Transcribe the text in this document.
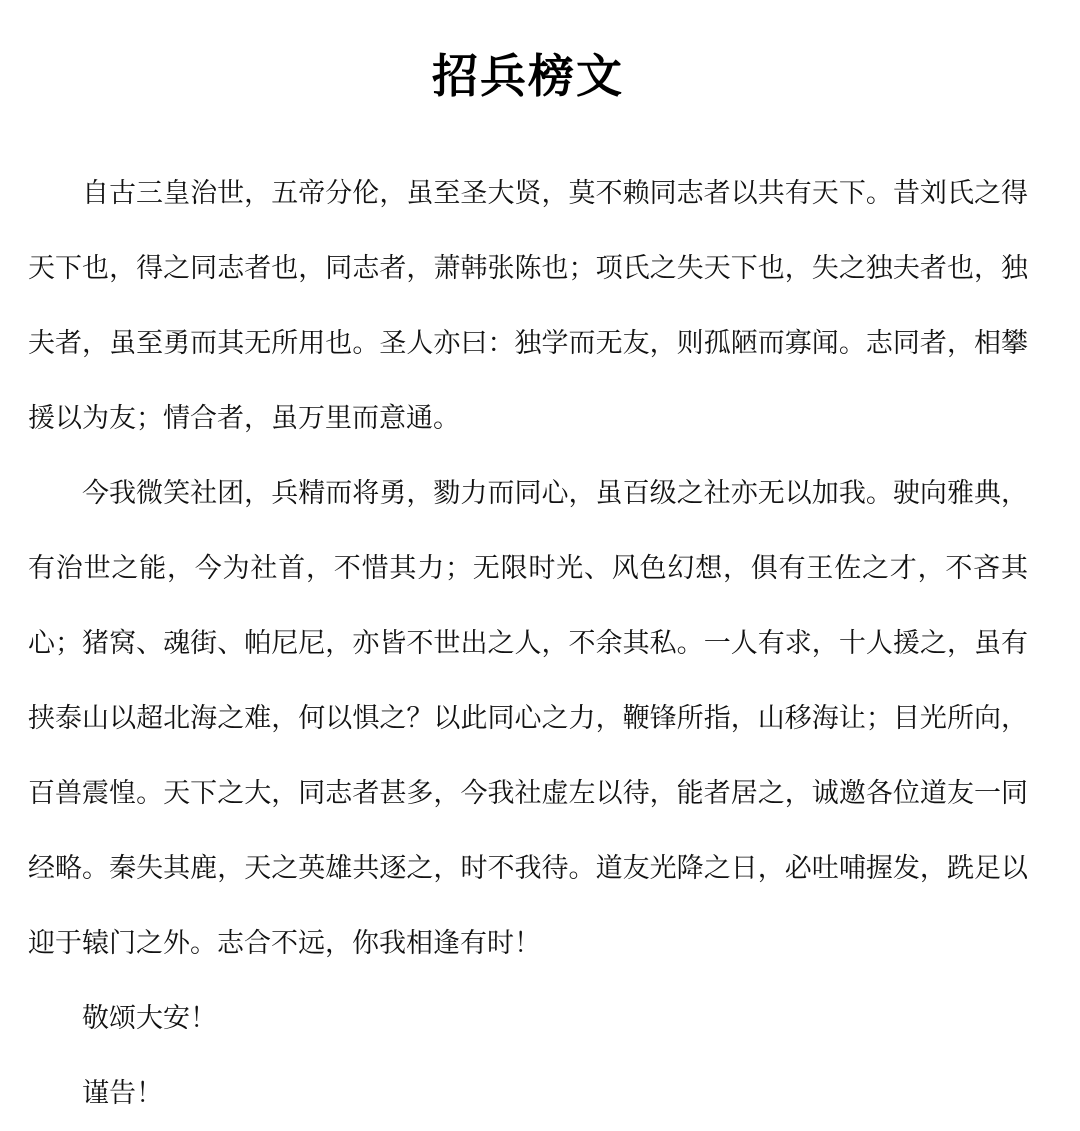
招兵榜文

自古三皇治世，五帝分伦，虽至圣大贤，莫不赖同志者以共有天下。昔刘氏之得天下也，得之同志者也，同志者，萧韩张陈也；项氏之失天下也，失之独夫者也，独夫者，虽至勇而其无所用也。圣人亦曰：独学而无友，则孤陋而寡闻。志同者，相攀援以为友；情合者，虽万里而意通。

今我微笑社团，兵精而将勇，勠力而同心，虽百级之社亦无以加我。驶向雅典，有治世之能，今为社首，不惜其力；无限时光、风色幻想，俱有王佐之才，不吝其心；猪窝、魂街、帕尼尼，亦皆不世出之人，不余其私。一人有求，十人援之，虽有挟泰山以超北海之难，何以惧之？以此同心之力，鞭锋所指，山移海让；目光所向，百兽震惶。天下之大，同志者甚多，今我社虚左以待，能者居之，诚邀各位道友一同经略。秦失其鹿，天之英雄共逐之，时不我待。道友光降之日，必吐哺握发，跣足以迎于辕门之外。志合不远，你我相逢有时！

敬颂大安！

谨告！
